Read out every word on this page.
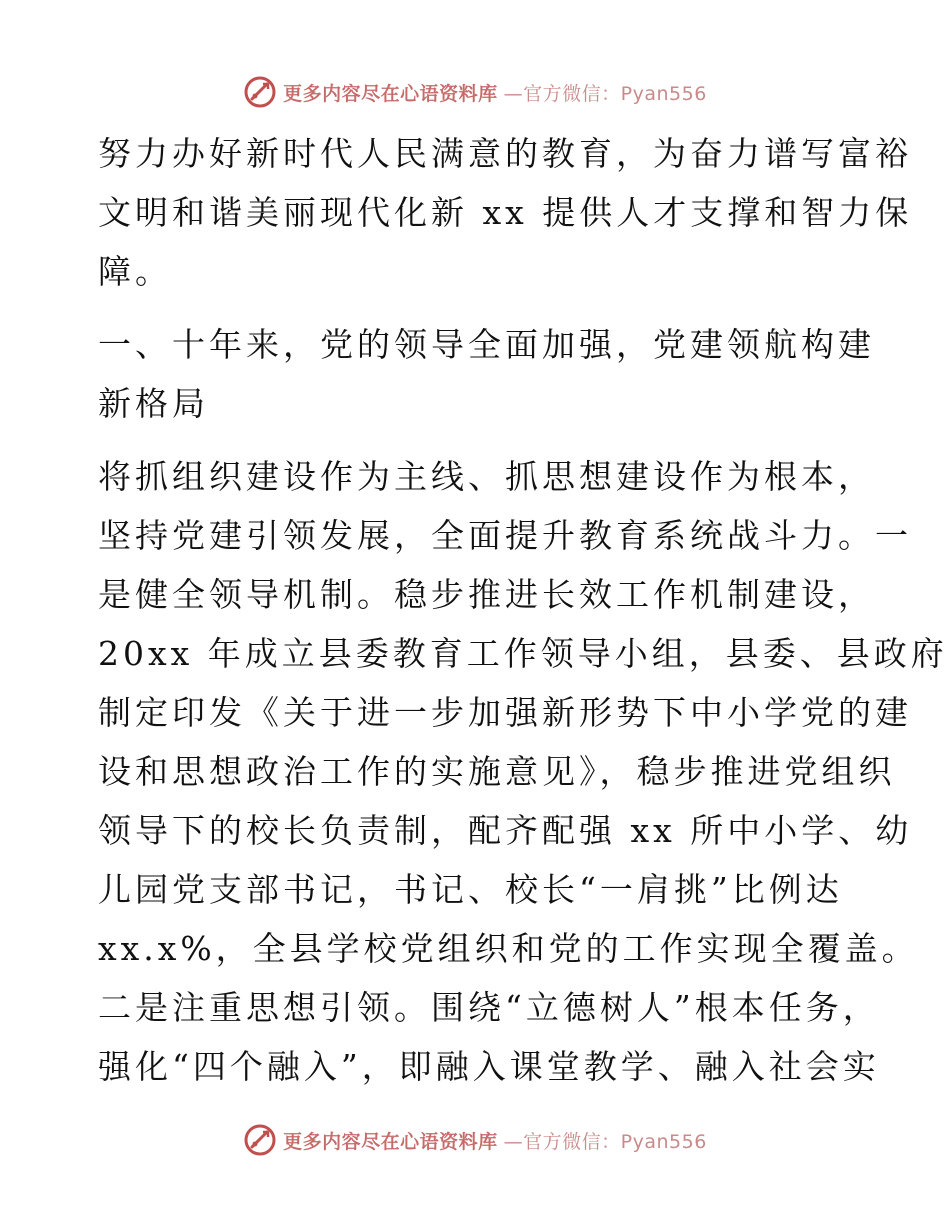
更多内容尽在心语资料库 —官方微信：Pyan556

努力办好新时代人民满意的教育，为奋力谱写富裕
文明和谐美丽现代化新 xx 提供人才支撑和智力保
障。

一、十年来，党的领导全面加强，党建领航构建
新格局

将抓组织建设作为主线、抓思想建设作为根本，
坚持党建引领发展，全面提升教育系统战斗力。一
是健全领导机制。稳步推进长效工作机制建设，
20xx 年成立县委教育工作领导小组，县委、县政府
制定印发《关于进一步加强新形势下中小学党的建
设和思想政治工作的实施意见》，稳步推进党组织
领导下的校长负责制，配齐配强 xx 所中小学、幼
儿园党支部书记，书记、校长“一肩挑”比例达
xx.x%，全县学校党组织和党的工作实现全覆盖。
二是注重思想引领。围绕“立德树人”根本任务，
强化“四个融入”，即融入课堂教学、融入社会实

更多内容尽在心语资料库 —官方微信：Pyan556
